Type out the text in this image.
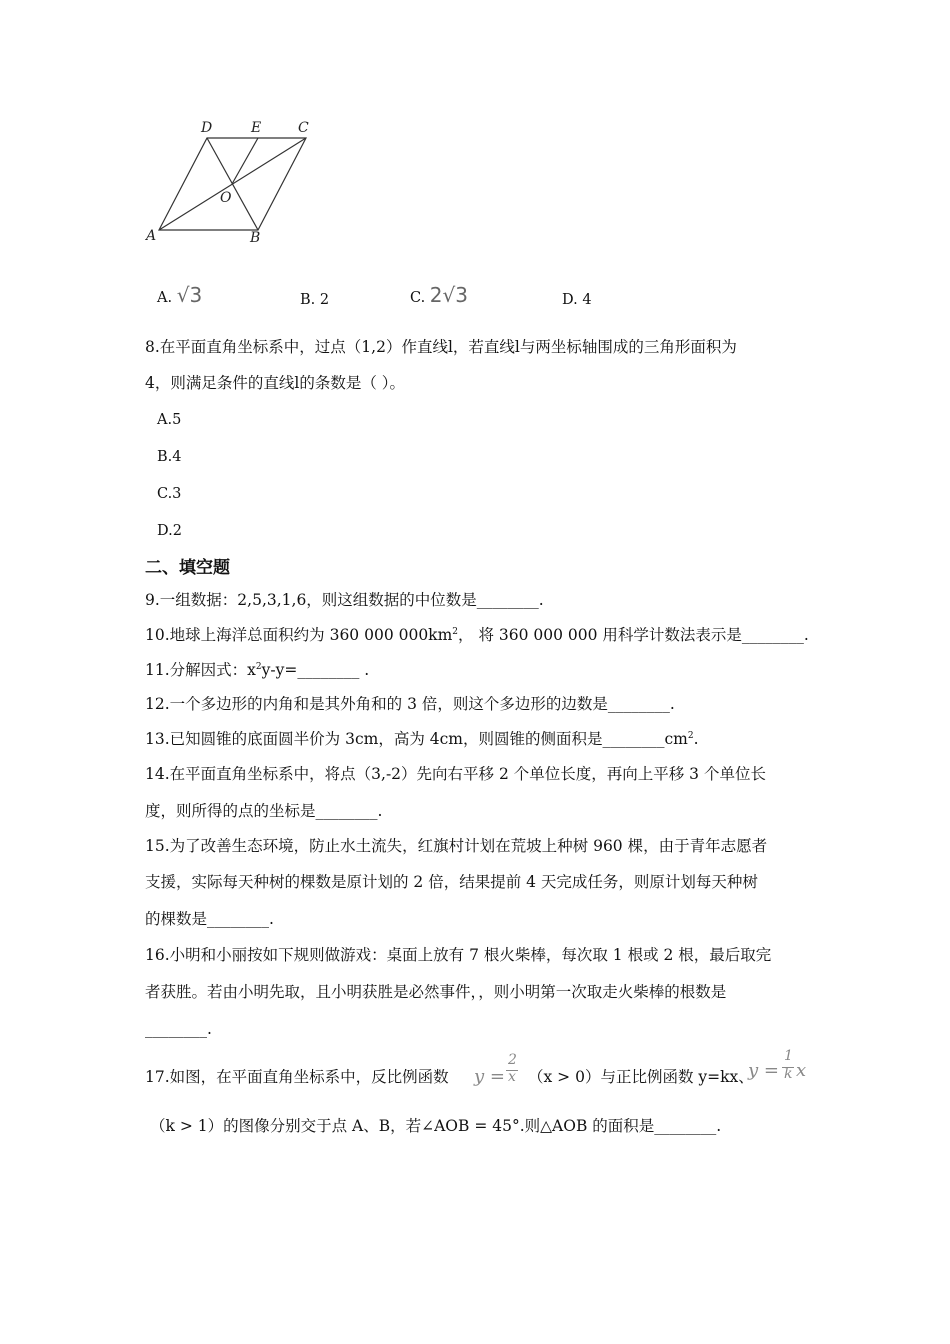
D	E	C
O
A	B
A. √3	B. 2	C. 2√3	D. 4
8.在平面直角坐标系中，过点（1,2）作直线l，若直线l与两坐标轴围成的三角形面积为
4，则满足条件的直线l的条数是（ ）。
A.5
B.4
C.3
D.2
二、填空题
9.一组数据：2,5,3,1,6，则这组数据的中位数是________.
10.地球上海洋总面积约为 360 000 $000km^2$， 将 360 000 000 用科学计数法表示是________.
11.分解因式：$x^2y-y=\_\_\_\_\_\_\_\_$ .
12.一个多边形的内角和是其外角和的 3 倍，则这个多边形的边数是________.
13.已知圆锥的底面圆半价为 3cm，高为 4cm，则圆锥的侧面积是$\_\_\_\_\_\_\_\_cm^2$.
14.在平面直角坐标系中，将点（3,-2）先向右平移 2 个单位长度，再向上平移 3 个单位长
度，则所得的点的坐标是________.
15.为了改善生态环境，防止水土流失，红旗村计划在荒坡上种树 960 棵，由于青年志愿者
支援，实际每天种树的棵数是原计划的 2 倍，结果提前 4 天完成任务，则原计划每天种树
的棵数是________.
16.小明和小丽按如下规则做游戏：桌面上放有 7 根火柴棒，每次取 1 根或 2 根，最后取完
者获胜。若由小明先取，且小明获胜是必然事件，，则小明第一次取走火柴棒的根数是
________.
17.如图，在平面直角坐标系中，反比例函数 y =
2
x （x > 0）与正比例函数 y=kx、
y =
1
k x
（k > 1）的图像分别交于点 A、B，若∠AOB = 45°.则△AOB 的面积是________.
